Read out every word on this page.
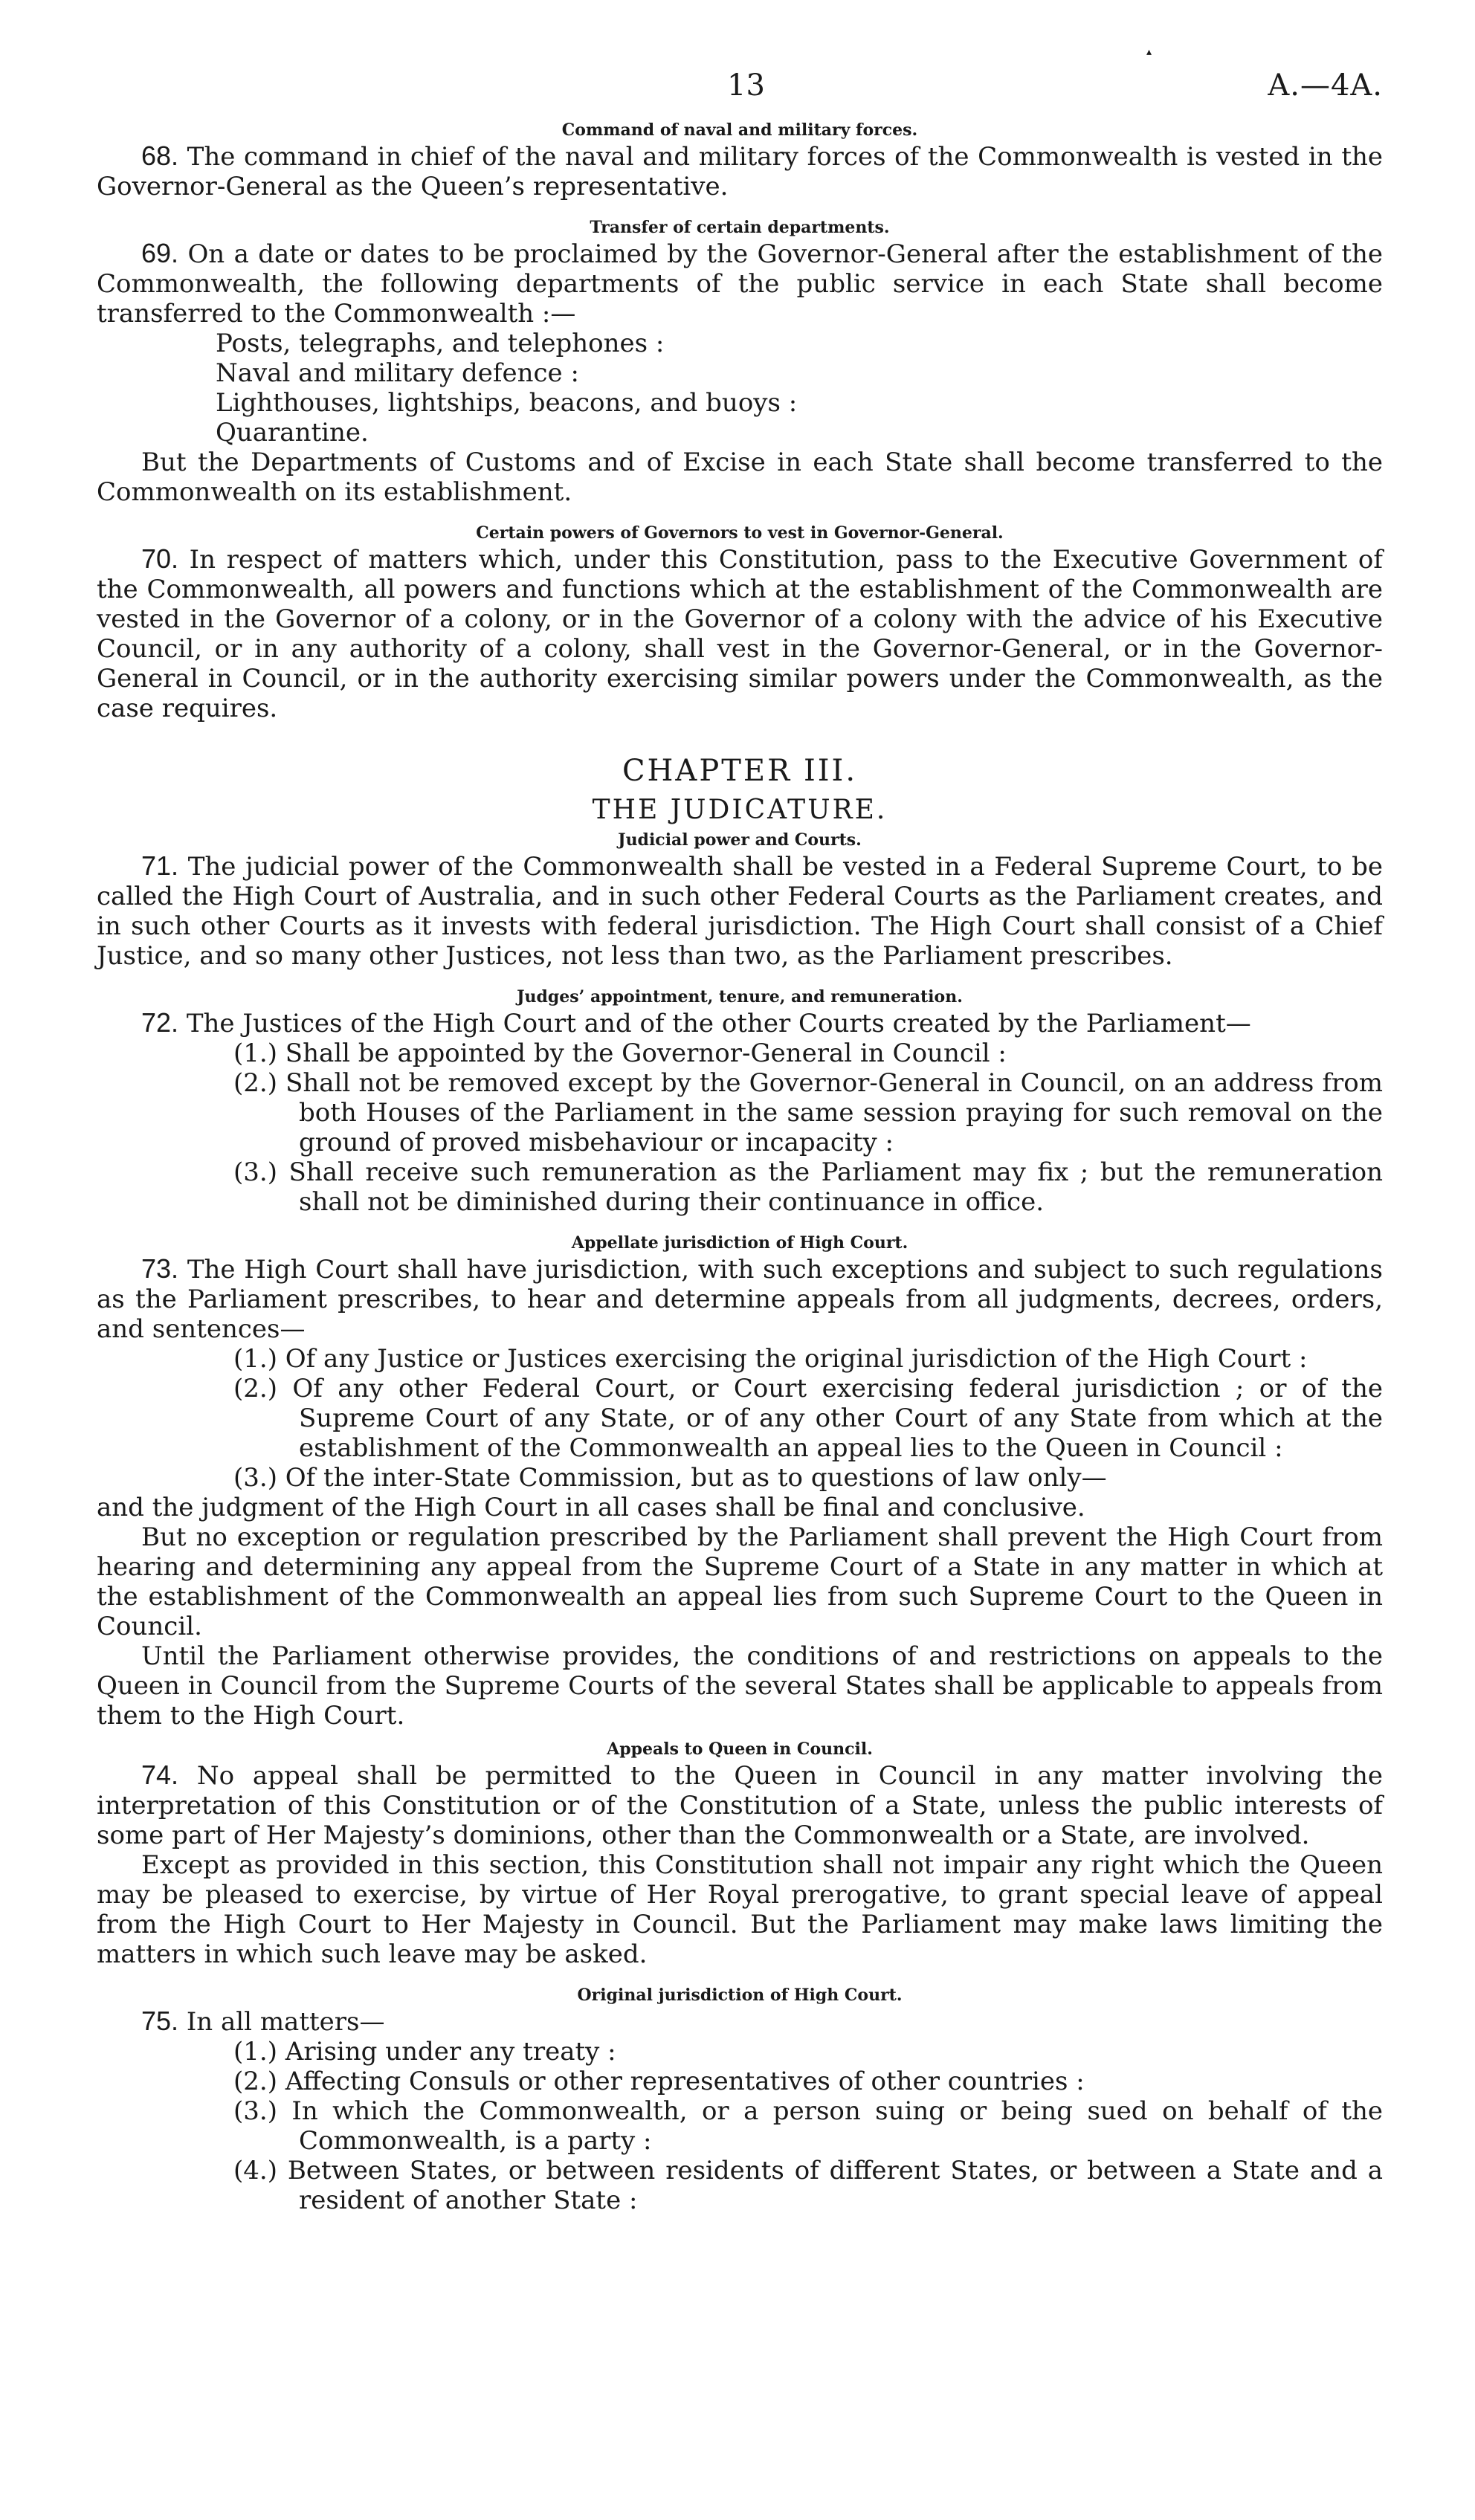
▴
13	A.—4A.

Command of naval and military forces.

68. The command in chief of the naval and military forces of the Commonwealth is vested in the Governor-General as the Queen’s representative.

Transfer of certain departments.

69. On a date or dates to be proclaimed by the Governor-General after the establishment of the Commonwealth, the following departments of the public service in each State shall become transferred to the Commonwealth :—

Posts, telegraphs, and telephones :
Naval and military defence :
Lighthouses, lightships, beacons, and buoys :
Quarantine.

But the Departments of Customs and of Excise in each State shall become transferred to the Commonwealth on its establishment.

Certain powers of Governors to vest in Governor-General.

70. In respect of matters which, under this Constitution, pass to the Executive Government of the Commonwealth, all powers and functions which at the establishment of the Commonwealth are vested in the Governor of a colony, or in the Governor of a colony with the advice of his Executive Council, or in any authority of a colony, shall vest in the Governor-General, or in the Governor-General in Council, or in the authority exercising similar powers under the Commonwealth, as the case requires.

CHAPTER III.

THE JUDICATURE.

Judicial power and Courts.

71. The judicial power of the Commonwealth shall be vested in a Federal Supreme Court, to be called the High Court of Australia, and in such other Federal Courts as the Parliament creates, and in such other Courts as it invests with federal jurisdiction. The High Court shall consist of a Chief Justice, and so many other Justices, not less than two, as the Parliament prescribes.

Judges’ appointment, tenure, and remuneration.

72. The Justices of the High Court and of the other Courts created by the Parliament—

(1.) Shall be appointed by the Governor-General in Council :

(2.) Shall not be removed except by the Governor-General in Council, on an address from both Houses of the Parliament in the same session praying for such removal on the ground of proved misbehaviour or incapacity :

(3.) Shall receive such remuneration as the Parliament may fix ; but the remuneration shall not be diminished during their continuance in office.

Appellate jurisdiction of High Court.

73. The High Court shall have jurisdiction, with such exceptions and subject to such regulations as the Parliament prescribes, to hear and determine appeals from all judgments, decrees, orders, and sentences—

(1.) Of any Justice or Justices exercising the original jurisdiction of the High Court :

(2.) Of any other Federal Court, or Court exercising federal jurisdiction ; or of the Supreme Court of any State, or of any other Court of any State from which at the establishment of the Commonwealth an appeal lies to the Queen in Council :

(3.) Of the inter-State Commission, but as to questions of law only—

and the judgment of the High Court in all cases shall be final and conclusive.

But no exception or regulation prescribed by the Parliament shall prevent the High Court from hearing and determining any appeal from the Supreme Court of a State in any matter in which at the establishment of the Commonwealth an appeal lies from such Supreme Court to the Queen in Council.

Until the Parliament otherwise provides, the conditions of and restrictions on appeals to the Queen in Council from the Supreme Courts of the several States shall be applicable to appeals from them to the High Court.

Appeals to Queen in Council.

74. No appeal shall be permitted to the Queen in Council in any matter involving the interpretation of this Constitution or of the Constitution of a State, unless the public interests of some part of Her Majesty’s dominions, other than the Commonwealth or a State, are involved.

Except as provided in this section, this Constitution shall not impair any right which the Queen may be pleased to exercise, by virtue of Her Royal prerogative, to grant special leave of appeal from the High Court to Her Majesty in Council. But the Parliament may make laws limiting the matters in which such leave may be asked.

Original jurisdiction of High Court.

75. In all matters—

(1.) Arising under any treaty :

(2.) Affecting Consuls or other representatives of other countries :

(3.) In which the Commonwealth, or a person suing or being sued on behalf of the Commonwealth, is a party :

(4.) Between States, or between residents of different States, or between a State and a resident of another State :
